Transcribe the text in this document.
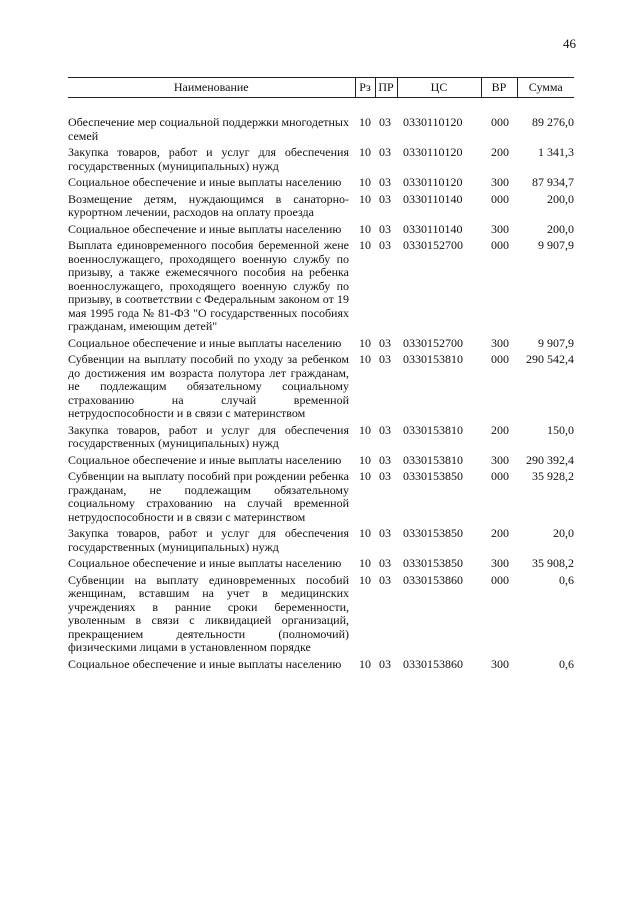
46
Наименование	Рз	ПР	ЦС	ВР	Сумма
Обеспечение мер социальной поддержки многодетных семей	10	03	0330110120	000	89 276,0
Закупка товаров, работ и услуг для обеспечения государственных (муниципальных) нужд	10	03	0330110120	200	1 341,3
Социальное обеспечение и иные выплаты населению	10	03	0330110120	300	87 934,7
Возмещение детям, нуждающимся в санаторно-курортном лечении, расходов на оплату проезда	10	03	0330110140	000	200,0
Социальное обеспечение и иные выплаты населению	10	03	0330110140	300	200,0
Выплата единовременного пособия беременной жене военнослужащего, проходящего военную службу по призыву, а также ежемесячного пособия на ребенка военнослужащего, проходящего военную службу по призыву, в соответствии с Федеральным законом от 19 мая 1995 года № 81-ФЗ "О государственных пособиях гражданам, имеющим детей"	10	03	0330152700	000	9 907,9
Социальное обеспечение и иные выплаты населению	10	03	0330152700	300	9 907,9
Субвенции на выплату пособий по уходу за ребенком до достижения им возраста полутора лет гражданам, не подлежащим обязательному социальному страхованию на случай временной нетрудоспособности и в связи с материнством	10	03	0330153810	000	290 542,4
Закупка товаров, работ и услуг для обеспечения государственных (муниципальных) нужд	10	03	0330153810	200	150,0
Социальное обеспечение и иные выплаты населению	10	03	0330153810	300	290 392,4
Субвенции на выплату пособий при рождении ребенка гражданам, не подлежащим обязательному социальному страхованию на случай временной нетрудоспособности и в связи с материнством	10	03	0330153850	000	35 928,2
Закупка товаров, работ и услуг для обеспечения государственных (муниципальных) нужд	10	03	0330153850	200	20,0
Социальное обеспечение и иные выплаты населению	10	03	0330153850	300	35 908,2
Субвенции на выплату единовременных пособий женщинам, вставшим на учет в медицинских учреждениях в ранние сроки беременности, уволенным в связи с ликвидацией организаций, прекращением деятельности (полномочий) физическими лицами в установленном порядке	10	03	0330153860	000	0,6
Социальное обеспечение и иные выплаты населению	10	03	0330153860	300	0,6
